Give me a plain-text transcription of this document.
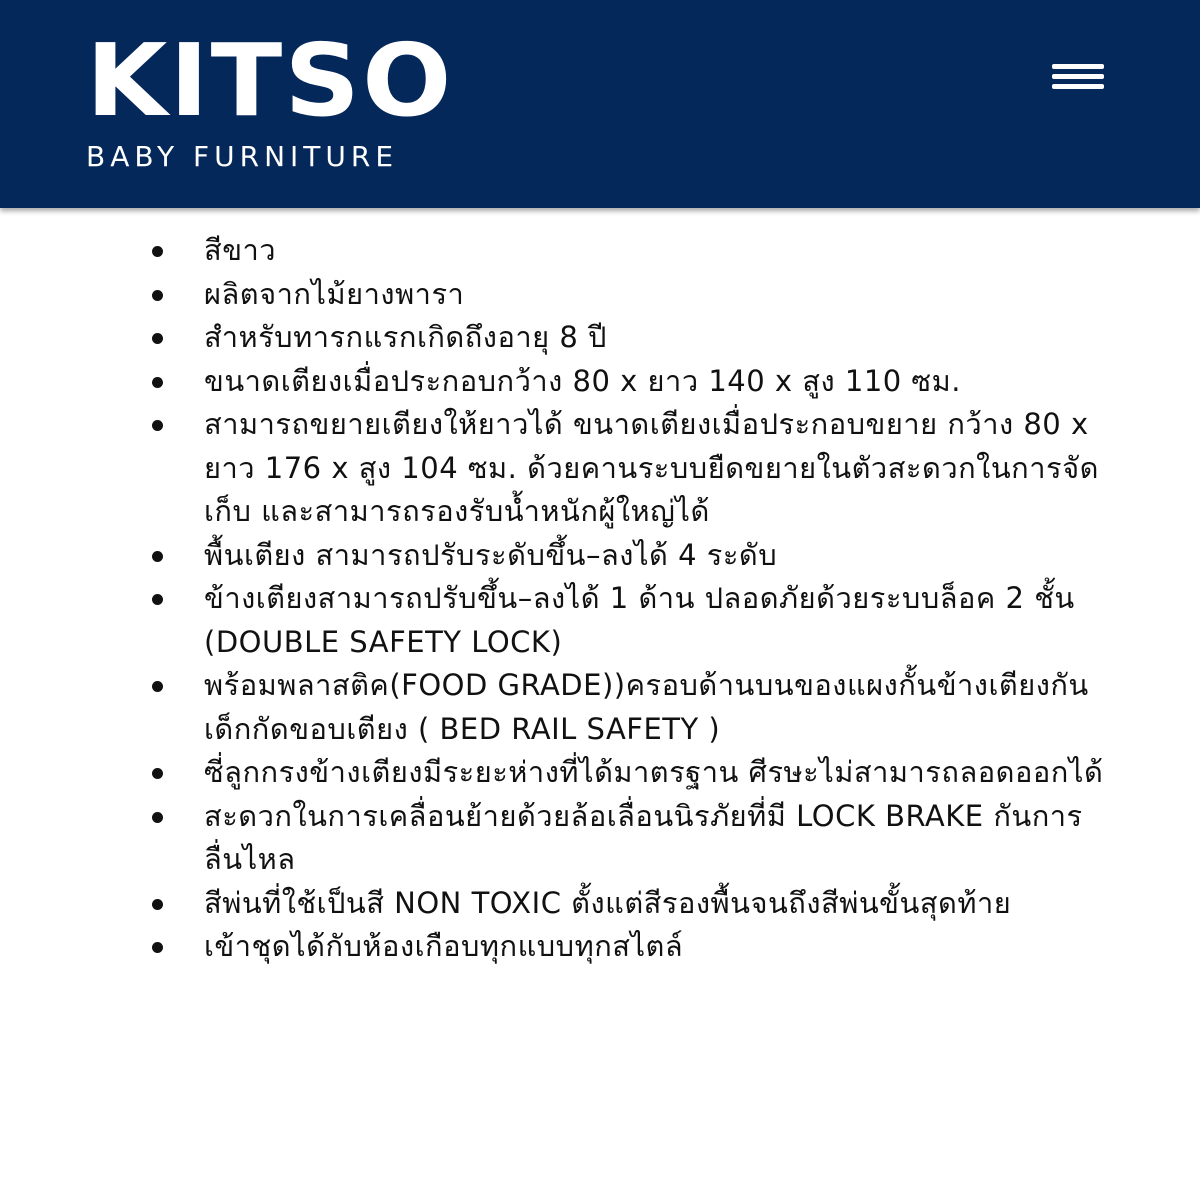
KITSO
BABY FURNITURE
สีขาว
ผลิตจากไม้ยางพารา
สำหรับทารกแรกเกิดถึงอายุ 8 ปี
ขนาดเตียงเมื่อประกอบกว้าง 80 x ยาว 140 x สูง 110 ซม.
สามารถขยายเตียงให้ยาวได้ ขนาดเตียงเมื่อประกอบขยาย กว้าง 80 x ยาว 176 x สูง 104 ซม. ด้วยคานระบบยืดขยายในตัวสะดวกในการจัดเก็บ และสามารถรองรับน้ำหนักผู้ใหญ่ได้
พื้นเตียง สามารถปรับระดับขึ้น–ลงได้ 4 ระดับ
ข้างเตียงสามารถปรับขึ้น–ลงได้ 1 ด้าน ปลอดภัยด้วยระบบล็อค 2 ชั้น (DOUBLE SAFETY LOCK)
พร้อมพลาสติค(FOOD GRADE))ครอบด้านบนของแผงกั้นข้างเตียงกันเด็กกัดขอบเตียง ( BED RAIL SAFETY )
ซี่ลูกกรงข้างเตียงมีระยะห่างที่ได้มาตรฐาน ศีรษะไม่สามารถลอดออกได้
สะดวกในการเคลื่อนย้ายด้วยล้อเลื่อนนิรภัยที่มี LOCK BRAKE กันการลื่นไหล
สีพ่นที่ใช้เป็นสี NON TOXIC ตั้งแต่สีรองพื้นจนถึงสีพ่นขั้นสุดท้าย
เข้าชุดได้กับห้องเกือบทุกแบบทุกสไตล์
